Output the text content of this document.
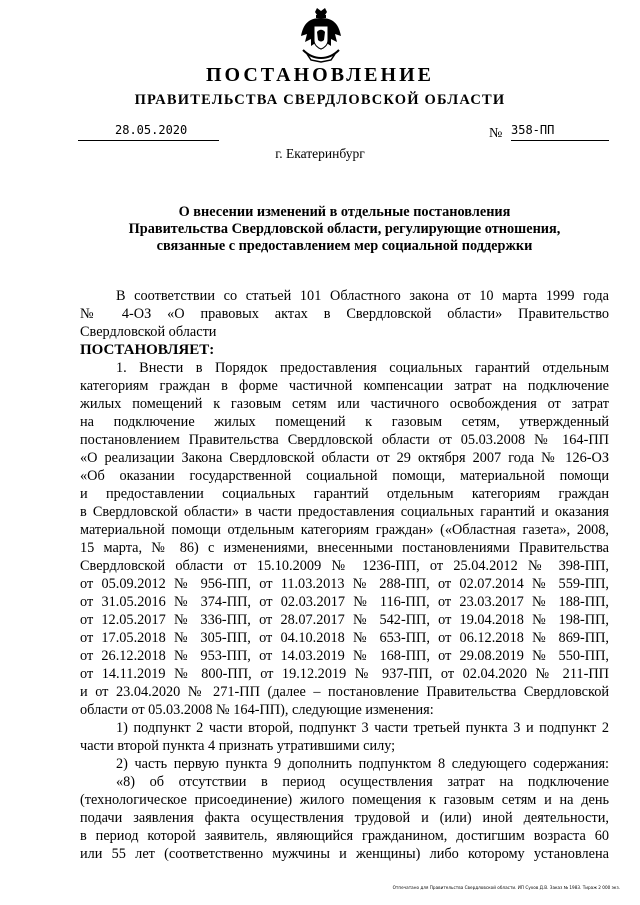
ПОСТАНОВЛЕНИЕ
ПРАВИТЕЛЬСТВА СВЕРДЛОВСКОЙ ОБЛАСТИ
28.05.2020	№ 358-ПП
г. Екатеринбург
О внесении изменений в отдельные постановления
Правительства Свердловской области, регулирующие отношения,
связанные с предоставлением мер социальной поддержки
В соответствии со статьей 101 Областного закона от 10 марта 1999 года
№ 4-ОЗ «О правовых актах в Свердловской области» Правительство
Свердловской области
ПОСТАНОВЛЯЕТ:
1. Внести в Порядок предоставления социальных гарантий отдельным
категориям граждан в форме частичной компенсации затрат на подключение
жилых помещений к газовым сетям или частичного освобождения от затрат
на подключение жилых помещений к газовым сетям, утвержденный
постановлением Правительства Свердловской области от 05.03.2008 № 164-ПП
«О реализации Закона Свердловской области от 29 октября 2007 года № 126-ОЗ
«Об оказании государственной социальной помощи, материальной помощи
и предоставлении социальных гарантий отдельным категориям граждан
в Свердловской области» в части предоставления социальных гарантий и оказания
материальной помощи отдельным категориям граждан» («Областная газета», 2008,
15 марта, № 86) с изменениями, внесенными постановлениями Правительства
Свердловской области от 15.10.2009 № 1236-ПП, от 25.04.2012 № 398-ПП,
от 05.09.2012 № 956-ПП, от 11.03.2013 № 288-ПП, от 02.07.2014 № 559-ПП,
от 31.05.2016 № 374-ПП, от 02.03.2017 № 116-ПП, от 23.03.2017 № 188-ПП,
от 12.05.2017 № 336-ПП, от 28.07.2017 № 542-ПП, от 19.04.2018 № 198-ПП,
от 17.05.2018 № 305-ПП, от 04.10.2018 № 653-ПП, от 06.12.2018 № 869-ПП,
от 26.12.2018 № 953-ПП, от 14.03.2019 № 168-ПП, от 29.08.2019 № 550-ПП,
от 14.11.2019 № 800-ПП, от 19.12.2019 № 937-ПП, от 02.04.2020 № 211-ПП
и от 23.04.2020 № 271-ПП (далее – постановление Правительства Свердловской
области от 05.03.2008 № 164-ПП), следующие изменения:
1) подпункт 2 части второй, подпункт 3 части третьей пункта 3 и подпункт 2
части второй пункта 4 признать утратившими силу;
2) часть первую пункта 9 дополнить подпунктом 8 следующего содержания:
«8) об отсутствии в период осуществления затрат на подключение
(технологическое присоединение) жилого помещения к газовым сетям и на день
подачи заявления факта осуществления трудовой и (или) иной деятельности,
в период которой заявитель, являющийся гражданином, достигшим возраста 60
или 55 лет (соответственно мужчины и женщины) либо которому установлена
Отпечатано для Правительства Свердловской области. ИП Сухов Д.В. Заказ № 1983. Тираж 2 000 экз.
